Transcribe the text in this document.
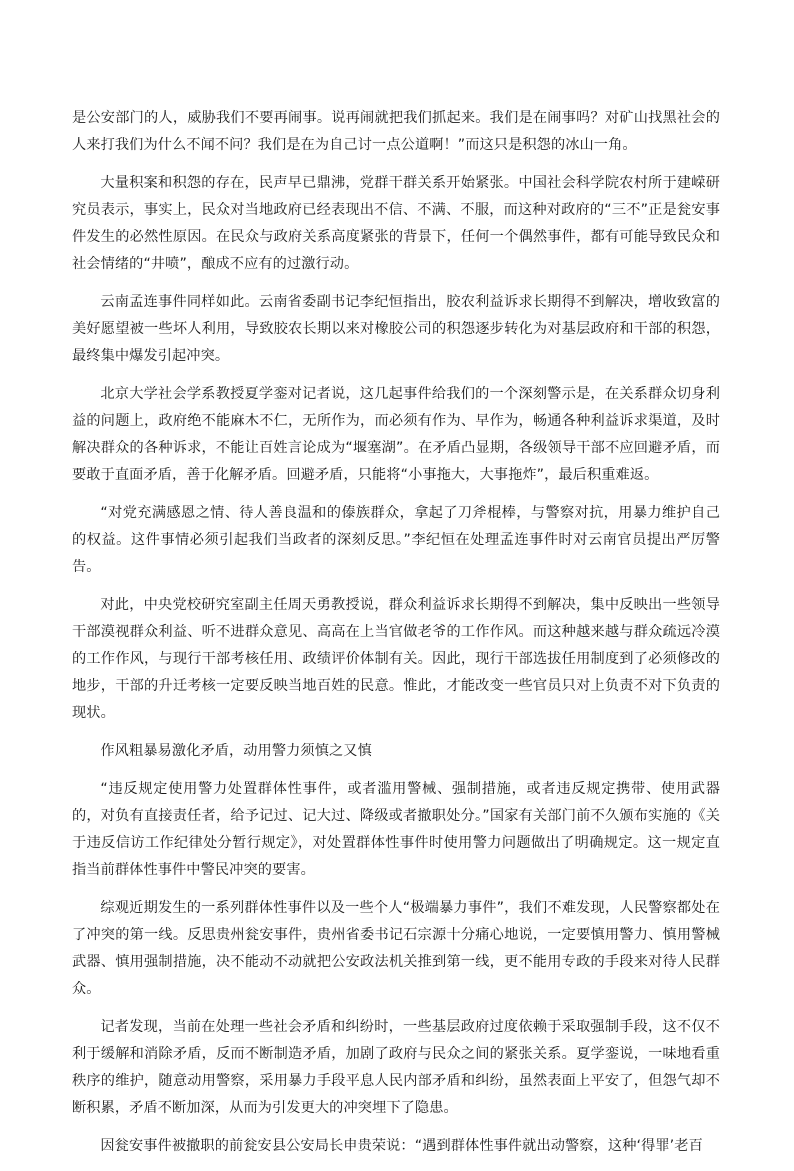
是公安部门的人，威胁我们不要再闹事。说再闹就把我们抓起来。我们是在闹事吗？对矿山找黑社会的人来打我们为什么不闻不问？我们是在为自己讨一点公道啊！”而这只是积怨的冰山一角。

大量积案和积怨的存在，民声早已鼎沸，党群干群关系开始紧张。中国社会科学院农村所于建嵘研究员表示，事实上，民众对当地政府已经表现出不信、不满、不服，而这种对政府的“三不”正是瓮安事件发生的必然性原因。在民众与政府关系高度紧张的背景下，任何一个偶然事件，都有可能导致民众和社会情绪的“井喷”，酿成不应有的过激行动。

云南孟连事件同样如此。云南省委副书记李纪恒指出，胶农利益诉求长期得不到解决，增收致富的美好愿望被一些坏人利用，导致胶农长期以来对橡胶公司的积怨逐步转化为对基层政府和干部的积怨，最终集中爆发引起冲突。

北京大学社会学系教授夏学銮对记者说，这几起事件给我们的一个深刻警示是，在关系群众切身利益的问题上，政府绝不能麻木不仁，无所作为，而必须有作为、早作为，畅通各种利益诉求渠道，及时解决群众的各种诉求，不能让百姓言论成为“堰塞湖”。在矛盾凸显期，各级领导干部不应回避矛盾，而要敢于直面矛盾，善于化解矛盾。回避矛盾，只能将“小事拖大，大事拖炸”，最后积重难返。

“对党充满感恩之情、待人善良温和的傣族群众，拿起了刀斧棍棒，与警察对抗，用暴力维护自己的权益。这件事情必须引起我们当政者的深刻反思。”李纪恒在处理孟连事件时对云南官员提出严厉警告。

对此，中央党校研究室副主任周天勇教授说，群众利益诉求长期得不到解决，集中反映出一些领导干部漠视群众利益、听不进群众意见、高高在上当官做老爷的工作作风。而这种越来越与群众疏远冷漠的工作作风，与现行干部考核任用、政绩评价体制有关。因此，现行干部选拔任用制度到了必须修改的地步，干部的升迁考核一定要反映当地百姓的民意。惟此，才能改变一些官员只对上负责不对下负责的现状。

作风粗暴易激化矛盾，动用警力须慎之又慎

“违反规定使用警力处置群体性事件，或者滥用警械、强制措施，或者违反规定携带、使用武器的，对负有直接责任者，给予记过、记大过、降级或者撤职处分。”国家有关部门前不久颁布实施的《关于违反信访工作纪律处分暂行规定》，对处置群体性事件时使用警力问题做出了明确规定。这一规定直指当前群体性事件中警民冲突的要害。

综观近期发生的一系列群体性事件以及一些个人“极端暴力事件”，我们不难发现，人民警察都处在了冲突的第一线。反思贵州瓮安事件，贵州省委书记石宗源十分痛心地说，一定要慎用警力、慎用警械武器、慎用强制措施，决不能动不动就把公安政法机关推到第一线，更不能用专政的手段来对待人民群众。

记者发现，当前在处理一些社会矛盾和纠纷时，一些基层政府过度依赖于采取强制手段，这不仅不利于缓解和消除矛盾，反而不断制造矛盾，加剧了政府与民众之间的紧张关系。夏学銮说，一味地看重秩序的维护，随意动用警察，采用暴力手段平息人民内部矛盾和纠纷，虽然表面上平安了，但怨气却不断积累，矛盾不断加深，从而为引发更大的冲突埋下了隐患。

因瓮安事件被撤职的前瓮安县公安局长申贵荣说：“遇到群体性事件就出动警察，这种‘得罪’老百
